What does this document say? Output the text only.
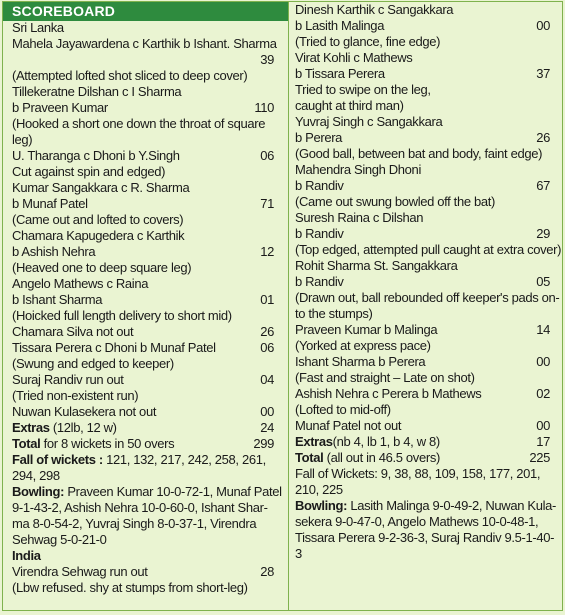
SCOREBOARD
Sri Lanka
Mahela Jayawardena c Karthik b Ishant. Sharma
39
(Attempted lofted shot sliced to deep cover)
Tillekeratne Dilshan c I Sharma
b Praveen Kumar	110
(Hooked a short one down the throat of square
leg)
U. Tharanga c Dhoni b Y.Singh	06
Cut against spin and edged)
Kumar Sangakkara c R. Sharma
b Munaf Patel	71
(Came out and lofted to covers)
Chamara Kapugedera c Karthik
b Ashish Nehra	12
(Heaved one to deep square leg)
Angelo Mathews c Raina
b Ishant Sharma	01
(Hoicked full length delivery to short mid)
Chamara Silva not out	26
Tissara Perera c Dhoni b Munaf Patel	06
(Swung and edged to keeper)
Suraj Randiv run out	04
(Tried non-existent run)
Nuwan Kulasekera not out	00
Extras (12lb, 12 w)	24
Total for 8 wickets in 50 overs	299
Fall of wickets : 121, 132, 217, 242, 258, 261,
294, 298
Bowling: Praveen Kumar 10-0-72-1, Munaf Patel
9-1-43-2, Ashish Nehra 10-0-60-0, Ishant Shar-
ma 8-0-54-2, Yuvraj Singh 8-0-37-1, Virendra
Sehwag 5-0-21-0
India
Virendra Sehwag run out	28
(Lbw refused. shy at stumps from short-leg)
Dinesh Karthik c Sangakkara
b Lasith Malinga	00
(Tried to glance, fine edge)
Virat Kohli c Mathews
b Tissara Perera	37
Tried to swipe on the leg,
caught at third man)
Yuvraj Singh c Sangakkara
b Perera	26
(Good ball, between bat and body, faint edge)
Mahendra Singh Dhoni
b Randiv	67
(Came out swung bowled off the bat)
Suresh Raina c Dilshan
b Randiv	29
(Top edged, attempted pull caught at extra cover)
Rohit Sharma St. Sangakkara
b Randiv	05
(Drawn out, ball rebounded off keeper's pads on-
to the stumps)
Praveen Kumar b Malinga	14
(Yorked at express pace)
Ishant Sharma b Perera	00
(Fast and straight – Late on shot)
Ashish Nehra c Perera b Mathews	02
(Lofted to mid-off)
Munaf Patel not out	00
Extras(nb 4, lb 1, b 4, w 8)	17
Total (all out in 46.5 overs)	225
Fall of Wickets: 9, 38, 88, 109, 158, 177, 201,
210, 225
Bowling: Lasith Malinga 9-0-49-2, Nuwan Kula-
sekera 9-0-47-0, Angelo Mathews 10-0-48-1,
Tissara Perera 9-2-36-3, Suraj Randiv 9.5-1-40-
3
